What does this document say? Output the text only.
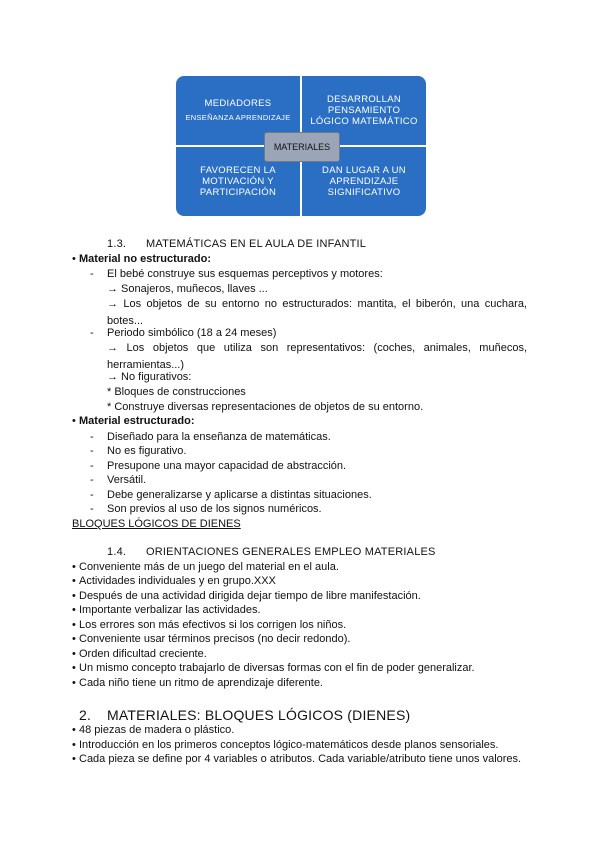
MEDIADORES
ENSEÑANZA APRENDIZAJE
DESARROLLAN PENSAMIENTO LÓGICO MATEMÁTICO
FAVORECEN LA MOTIVACIÓN Y PARTICIPACIÓN
DAN LUGAR A UN APRENDIZAJE SIGNIFICATIVO
MATERIALES
1.3. MATEMÁTICAS EN EL AULA DE INFANTIL
• Material no estructurado:
- El bebé construye sus esquemas perceptivos y motores:
→ Sonajeros, muñecos, llaves ...
→ Los objetos de su entorno no estructurados: mantita, el biberón, una cuchara, botes...
- Periodo simbólico (18 a 24 meses)
→ Los objetos que utiliza son representativos: (coches, animales, muñecos, herramientas...)
→ No figurativos:
* Bloques de construcciones
* Construye diversas representaciones de objetos de su entorno.
• Material estructurado:
- Diseñado para la enseñanza de matemáticas.
- No es figurativo.
- Presupone una mayor capacidad de abstracción.
- Versátil.
- Debe generalizarse y aplicarse a distintas situaciones.
- Son previos al uso de los signos numéricos.
BLOQUES LÓGICOS DE DIENES
1.4. ORIENTACIONES GENERALES EMPLEO MATERIALES
• Conveniente más de un juego del material en el aula.
• Actividades individuales y en grupo.XXX
• Después de una actividad dirigida dejar tiempo de libre manifestación.
• Importante verbalizar las actividades.
• Los errores son más efectivos si los corrigen los niños.
• Conveniente usar términos precisos (no decir redondo).
• Orden dificultad creciente.
• Un mismo concepto trabajarlo de diversas formas con el fin de poder generalizar.
• Cada niño tiene un ritmo de aprendizaje diferente.
2. MATERIALES: BLOQUES LÓGICOS (DIENES)
• 48 piezas de madera o plástico.
• Introducción en los primeros conceptos lógico-matemáticos desde planos sensoriales.
• Cada pieza se define por 4 variables o atributos. Cada variable/atributo tiene unos valores.
